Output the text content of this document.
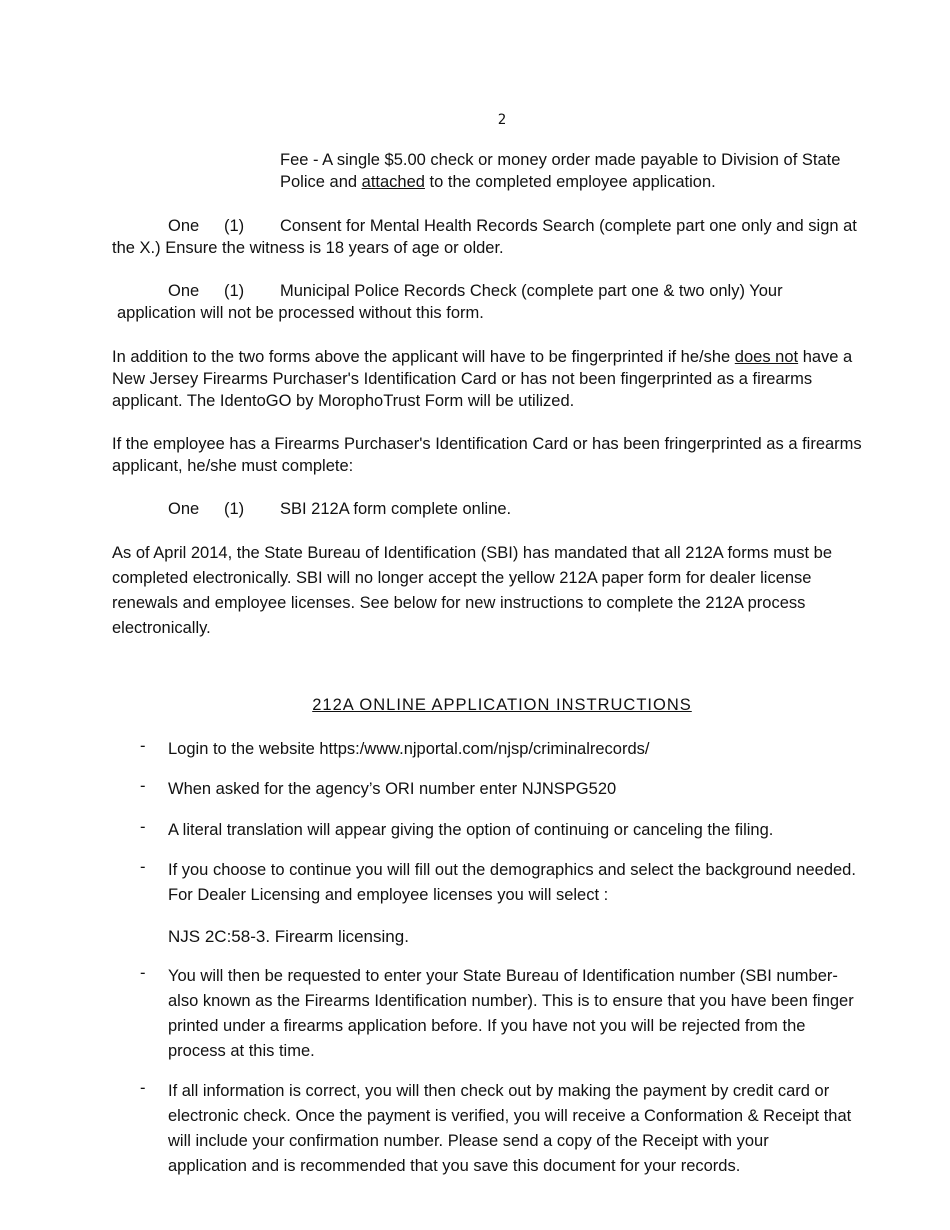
2
Fee - A single $5.00 check or money order made payable to Division of State
Police and attached to the completed employee application.
One (1) Consent for Mental Health Records Search (complete part one only and sign at
the X.) Ensure the witness is 18 years of age or older.
One (1) Municipal Police Records Check (complete part one & two only) Your
application will not be processed without this form.
In addition to the two forms above the applicant will have to be fingerprinted if he/she does not have a
New Jersey Firearms Purchaser's Identification Card or has not been fingerprinted as a firearms
applicant. The IdentoGO by MorophoTrust Form will be utilized.
If the employee has a Firearms Purchaser's Identification Card or has been fringerprinted as a firearms
applicant, he/she must complete:
One (1) SBI 212A form complete online.
As of April 2014, the State Bureau of Identification (SBI) has mandated that all 212A forms must be
completed electronically. SBI will no longer accept the yellow 212A paper form for dealer license
renewals and employee licenses. See below for new instructions to complete the 212A process
electronically.
212A ONLINE APPLICATION INSTRUCTIONS
- Login to the website https:/www.njportal.com/njsp/criminalrecords/
- When asked for the agency’s ORI number enter NJNSPG520
- A literal translation will appear giving the option of continuing or canceling the filing.
- If you choose to continue you will fill out the demographics and select the background needed.
For Dealer Licensing and employee licenses you will select :
NJS 2C:58-3. Firearm licensing.
- You will then be requested to enter your State Bureau of Identification number (SBI number-
also known as the Firearms Identification number). This is to ensure that you have been finger
printed under a firearms application before. If you have not you will be rejected from the
process at this time.
- If all information is correct, you will then check out by making the payment by credit card or
electronic check. Once the payment is verified, you will receive a Conformation & Receipt that
will include your confirmation number. Please send a copy of the Receipt with your
application and is recommended that you save this document for your records.
